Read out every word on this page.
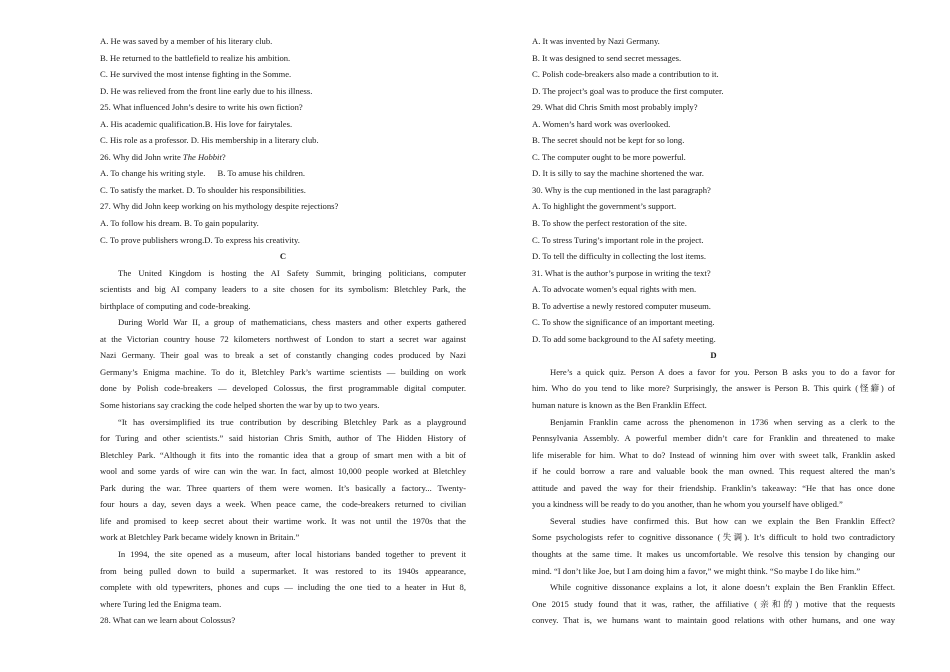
A. He was saved by a member of his literary club.
B. He returned to the battlefield to realize his ambition.
C. He survived the most intense fighting in the Somme.
D. He was relieved from the front line early due to his illness.
25. What influenced John’s desire to write his own fiction?
A. His academic qualification.B. His love for fairytales.
C. His role as a professor. D. His membership in a literary club.
26. Why did John write The Hobbit?
A. To change his writing style. B. To amuse his children.
C. To satisfy the market. D. To shoulder his responsibilities.
27. Why did John keep working on his mythology despite rejections?
A. To follow his dream. B. To gain popularity.
C. To prove publishers wrong.D. To express his creativity.
C
The United Kingdom is hosting the AI Safety Summit, bringing politicians, computer
scientists and big AI company leaders to a site chosen for its symbolism: Bletchley Park, the
birthplace of computing and code-breaking.
During World War II, a group of mathematicians, chess masters and other experts gathered
at the Victorian country house 72 kilometers northwest of London to start a secret war against
Nazi Germany. Their goal was to break a set of constantly changing codes produced by Nazi
Germany’s Enigma machine. To do it, Bletchley Park’s wartime scientists — building on work
done by Polish code-breakers — developed Colossus, the first programmable digital computer.
Some historians say cracking the code helped shorten the war by up to two years.
“It has oversimplified its true contribution by describing Bletchley Park as a playground
for Turing and other scientists.” said historian Chris Smith, author of The Hidden History of
Bletchley Park. “Although it fits into the romantic idea that a group of smart men with a bit of
wool and some yards of wire can win the war. In fact, almost 10,000 people worked at Bletchley
Park during the war. Three quarters of them were women. It’s basically a factory... Twenty-
four hours a day, seven days a week. When peace came, the code-breakers returned to civilian
life and promised to keep secret about their wartime work. It was not until the 1970s that the
work at Bletchley Park became widely known in Britain.”
In 1994, the site opened as a museum, after local historians banded together to prevent it
from being pulled down to build a supermarket. It was restored to its 1940s appearance,
complete with old typewriters, phones and cups — including the one tied to a heater in Hut 8,
where Turing led the Enigma team.
28. What can we learn about Colossus?
A. It was invented by Nazi Germany.
B. It was designed to send secret messages.
C. Polish code-breakers also made a contribution to it.
D. The project’s goal was to produce the first computer.
29. What did Chris Smith most probably imply?
A. Women’s hard work was overlooked.
B. The secret should not be kept for so long.
C. The computer ought to be more powerful.
D. It is silly to say the machine shortened the war.
30. Why is the cup mentioned in the last paragraph?
A. To highlight the government’s support.
B. To show the perfect restoration of the site.
C. To stress Turing’s important role in the project.
D. To tell the difficulty in collecting the lost items.
31. What is the author’s purpose in writing the text?
A. To advocate women’s equal rights with men.
B. To advertise a newly restored computer museum.
C. To show the significance of an important meeting.
D. To add some background to the AI safety meeting.
D
Here’s a quick quiz. Person A does a favor for you. Person B asks you to do a favor for
him. Who do you tend to like more? Surprisingly, the answer is Person B. This quirk (怪癖) of
human nature is known as the Ben Franklin Effect.
Benjamin Franklin came across the phenomenon in 1736 when serving as a clerk to the
Pennsylvania Assembly. A powerful member didn’t care for Franklin and threatened to make
life miserable for him. What to do? Instead of winning him over with sweet talk, Franklin asked
if he could borrow a rare and valuable book the man owned. This request altered the man’s
attitude and paved the way for their friendship. Franklin’s takeaway: “He that has once done
you a kindness will be ready to do you another, than he whom you yourself have obliged.”
Several studies have confirmed this. But how can we explain the Ben Franklin Effect?
Some psychologists refer to cognitive dissonance (失调). It’s difficult to hold two contradictory
thoughts at the same time. It makes us uncomfortable. We resolve this tension by changing our
mind. “I don’t like Joe, but I am doing him a favor,” we might think. “So maybe I do like him.”
While cognitive dissonance explains a lot, it alone doesn’t explain the Ben Franklin Effect.
One 2015 study found that it was, rather, the affiliative (亲和的) motive that the requests
convey. That is, we humans want to maintain good relations with other humans, and one way
